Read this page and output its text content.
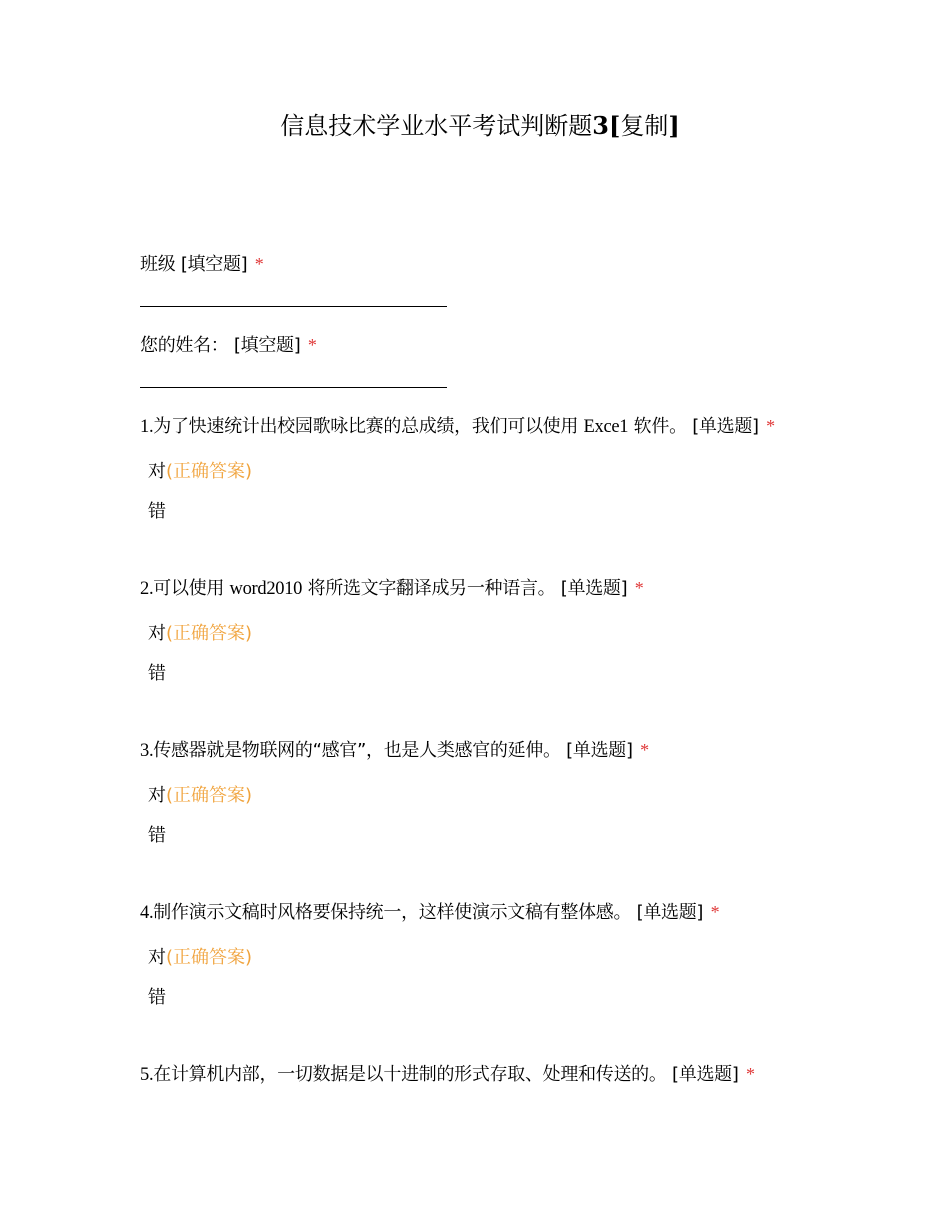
信息技术学业水平考试判断题3[复制]
班级 [填空题] *
您的姓名： [填空题] *
1.为了快速统计出校园歌咏比赛的总成绩，我们可以使用 Exce1 软件。 [单选题] *
对(正确答案)
错
2.可以使用 word2010 将所选文字翻译成另一种语言。 [单选题] *
对(正确答案)
错
3.传感器就是物联网的“感官”，也是人类感官的延伸。 [单选题] *
对(正确答案)
错
4.制作演示文稿时风格要保持统一，这样使演示文稿有整体感。 [单选题] *
对(正确答案)
错
5.在计算机内部，一切数据是以十进制的形式存取、处理和传送的。 [单选题] *
